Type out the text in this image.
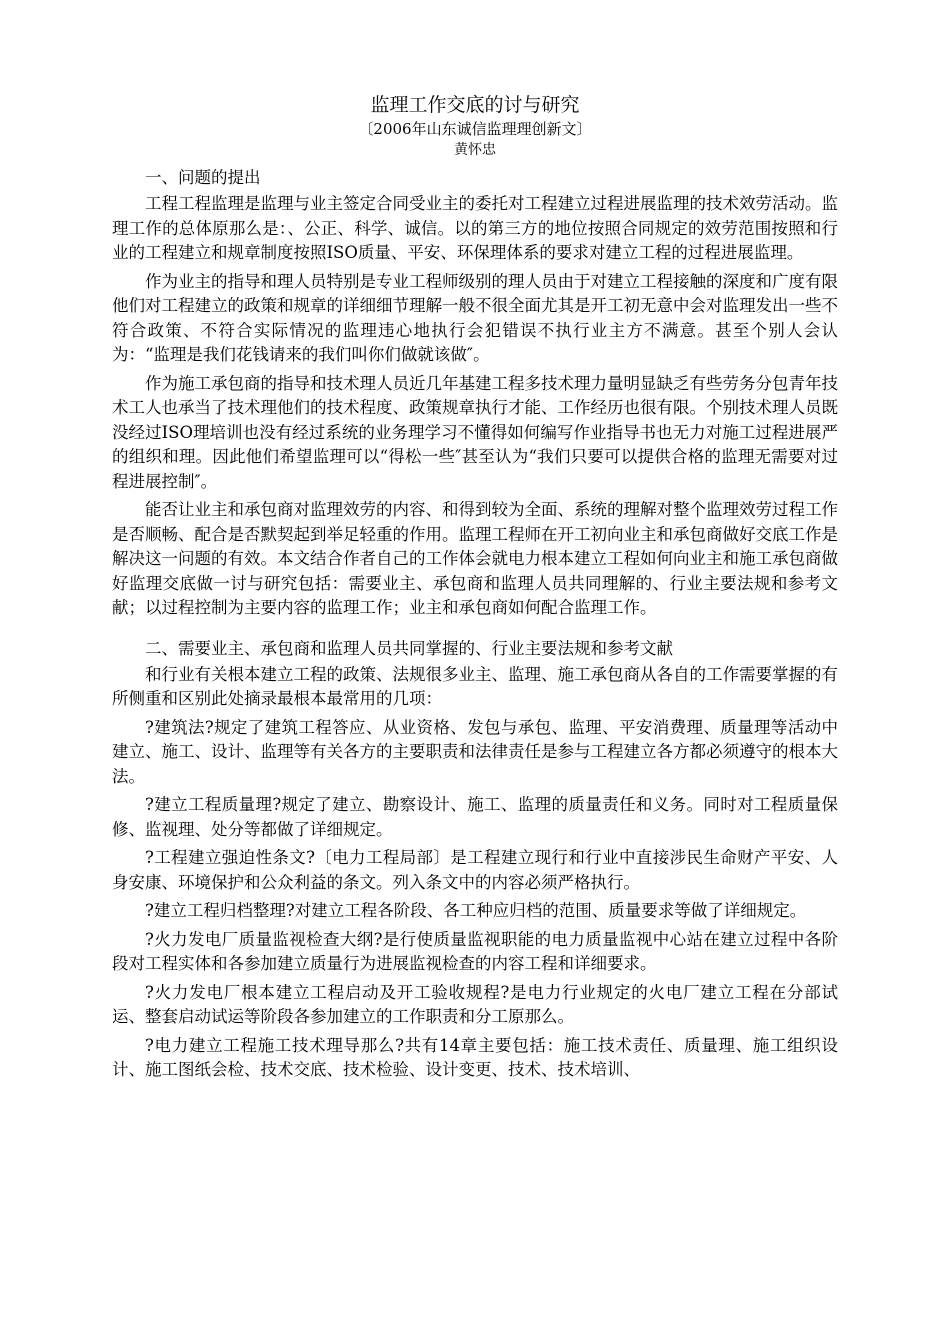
监理工作交底的讨与研究

〔2006年山东诚信监理理创新文〕

黄怀忠

一、问题的提出

工程工程监理是监理与业主签定合同受业主的委托对工程建立过程进展监理的技术效劳活动。监理工作的总体原那么是：、公正、科学、诚信。以的第三方的地位按照合同规定的效劳范围按照和行业的工程建立和规章制度按照ISO质量、平安、环保理体系的要求对建立工程的过程进展监理。

作为业主的指导和理人员特别是专业工程师级别的理人员由于对建立工程接触的深度和广度有限他们对工程建立的政策和规章的详细细节理解一般不很全面尤其是开工初无意中会对监理发出一些不符合政策、不符合实际情况的监理违心地执行会犯错误不执行业主方不满意。甚至个别人会认为：“监理是我们花钱请来的我们叫你们做就该做″。

作为施工承包商的指导和技术理人员近几年基建工程多技术理力量明显缺乏有些劳务分包青年技术工人也承当了技术理他们的技术程度、政策规章执行才能、工作经历也很有限。个别技术理人员既没经过ISO理培训也没有经过系统的业务理学习不懂得如何编写作业指导书也无力对施工过程进展严的组织和理。因此他们希望监理可以“得松一些″甚至认为“我们只要可以提供合格的监理无需要对过程进展控制″。

能否让业主和承包商对监理效劳的内容、和得到较为全面、系统的理解对整个监理效劳过程工作是否顺畅、配合是否默契起到举足轻重的作用。监理工程师在开工初向业主和承包商做好交底工作是解决这一问题的有效。本文结合作者自己的工作体会就电力根本建立工程如何向业主和施工承包商做好监理交底做一讨与研究包括：需要业主、承包商和监理人员共同理解的、行业主要法规和参考文献；以过程控制为主要内容的监理工作；业主和承包商如何配合监理工作。

二、需要业主、承包商和监理人员共同掌握的、行业主要法规和参考文献

和行业有关根本建立工程的政策、法规很多业主、监理、施工承包商从各自的工作需要掌握的有所侧重和区别此处摘录最根本最常用的几项：

?建筑法?规定了建筑工程答应、从业资格、发包与承包、监理、平安消费理、质量理等活动中建立、施工、设计、监理等有关各方的主要职责和法律责任是参与工程建立各方都必须遵守的根本大法。

?建立工程质量理?规定了建立、勘察设计、施工、监理的质量责任和义务。同时对工程质量保修、监视理、处分等都做了详细规定。

?工程建立强迫性条文?〔电力工程局部〕是工程建立现行和行业中直接涉民生命财产平安、人身安康、环境保护和公众利益的条文。列入条文中的内容必须严格执行。

?建立工程归档整理?对建立工程各阶段、各工种应归档的范围、质量要求等做了详细规定。

?火力发电厂质量监视检查大纲?是行使质量监视职能的电力质量监视中心站在建立过程中各阶段对工程实体和各参加建立质量行为进展监视检查的内容工程和详细要求。

?火力发电厂根本建立工程启动及开工验收规程?是电力行业规定的火电厂建立工程在分部试运、整套启动试运等阶段各参加建立的工作职责和分工原那么。

?电力建立工程施工技术理导那么?共有14章主要包括：施工技术责任、质量理、施工组织设计、施工图纸会检、技术交底、技术检验、设计变更、技术、技术培训、
